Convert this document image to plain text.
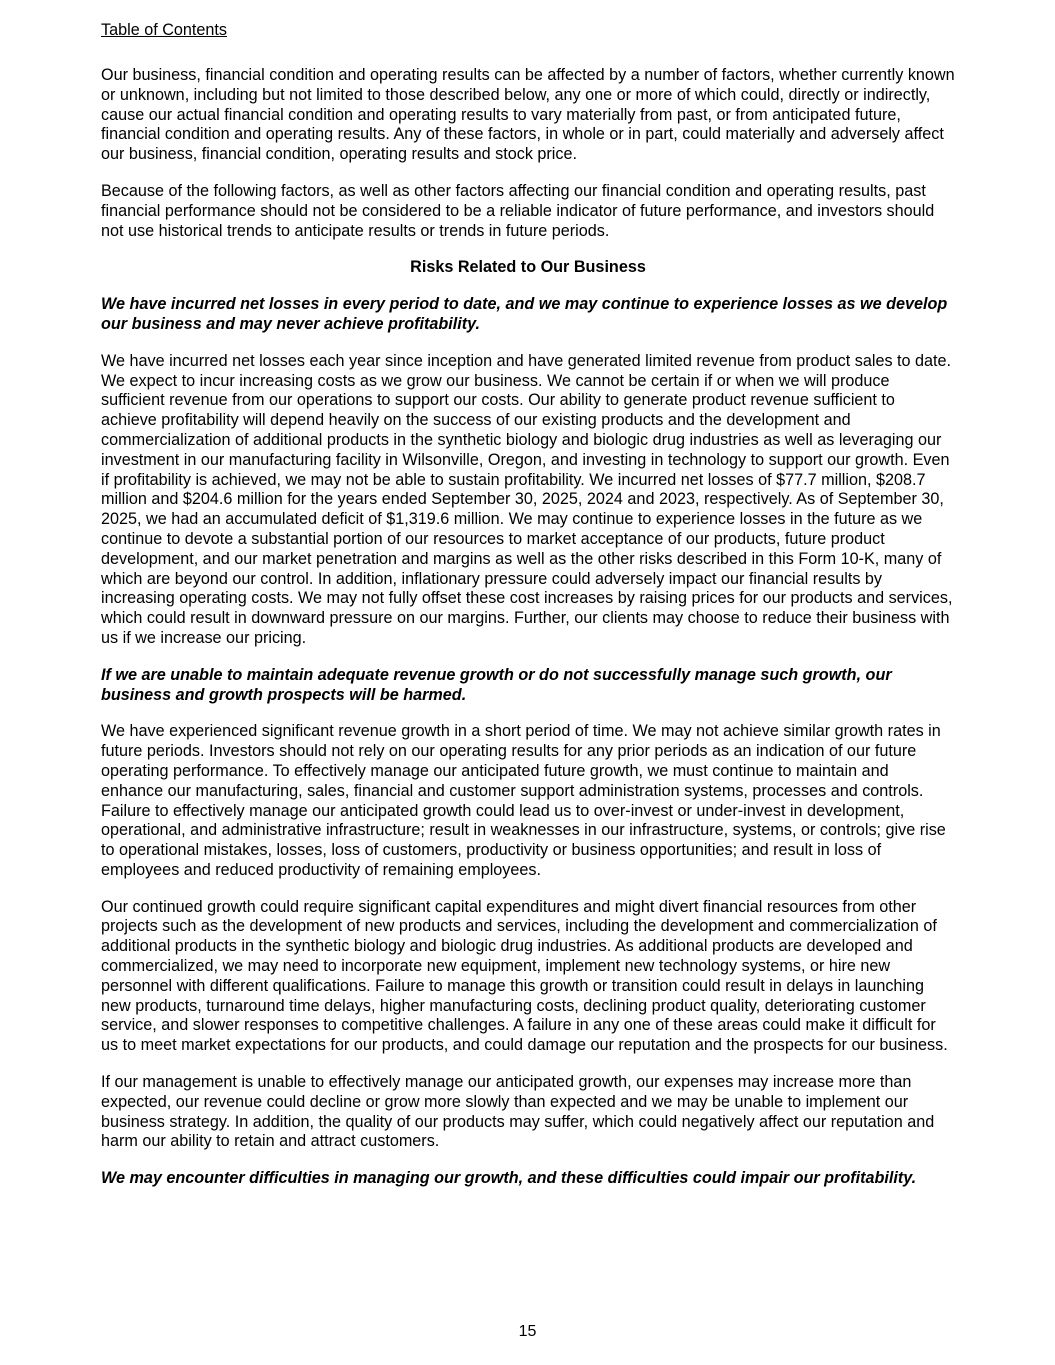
Table of Contents

Our business, financial condition and operating results can be affected by a number of factors, whether currently known or unknown, including but not limited to those described below, any one or more of which could, directly or indirectly, cause our actual financial condition and operating results to vary materially from past, or from anticipated future, financial condition and operating results. Any of these factors, in whole or in part, could materially and adversely affect our business, financial condition, operating results and stock price.

Because of the following factors, as well as other factors affecting our financial condition and operating results, past financial performance should not be considered to be a reliable indicator of future performance, and investors should not use historical trends to anticipate results or trends in future periods.

Risks Related to Our Business
We have incurred net losses in every period to date, and we may continue to experience losses as we develop our business and may never achieve profitability.

We have incurred net losses each year since inception and have generated limited revenue from product sales to date. We expect to incur increasing costs as we grow our business. We cannot be certain if or when we will produce sufficient revenue from our operations to support our costs. Our ability to generate product revenue sufficient to achieve profitability will depend heavily on the success of our existing products and the development and commercialization of additional products in the synthetic biology and biologic drug industries as well as leveraging our investment in our manufacturing facility in Wilsonville, Oregon, and investing in technology to support our growth. Even if profitability is achieved, we may not be able to sustain profitability. We incurred net losses of $77.7 million, $208.7 million and $204.6 million for the years ended September 30, 2025, 2024 and 2023, respectively. As of September 30, 2025, we had an accumulated deficit of $1,319.6 million. We may continue to experience losses in the future as we continue to devote a substantial portion of our resources to market acceptance of our products, future product development, and our market penetration and margins as well as the other risks described in this Form 10-K, many of which are beyond our control. In addition, inflationary pressure could adversely impact our financial results by increasing operating costs. We may not fully offset these cost increases by raising prices for our products and services, which could result in downward pressure on our margins. Further, our clients may choose to reduce their business with us if we increase our pricing.

If we are unable to maintain adequate revenue growth or do not successfully manage such growth, our business and growth prospects will be harmed.

We have experienced significant revenue growth in a short period of time. We may not achieve similar growth rates in future periods. Investors should not rely on our operating results for any prior periods as an indication of our future operating performance. To effectively manage our anticipated future growth, we must continue to maintain and enhance our manufacturing, sales, financial and customer support administration systems, processes and controls. Failure to effectively manage our anticipated growth could lead us to over-invest or under-invest in development, operational, and administrative infrastructure; result in weaknesses in our infrastructure, systems, or controls; give rise to operational mistakes, losses, loss of customers, productivity or business opportunities; and result in loss of employees and reduced productivity of remaining employees.

Our continued growth could require significant capital expenditures and might divert financial resources from other projects such as the development of new products and services, including the development and commercialization of additional products in the synthetic biology and biologic drug industries. As additional products are developed and commercialized, we may need to incorporate new equipment, implement new technology systems, or hire new personnel with different qualifications. Failure to manage this growth or transition could result in delays in launching new products, turnaround time delays, higher manufacturing costs, declining product quality, deteriorating customer service, and slower responses to competitive challenges. A failure in any one of these areas could make it difficult for us to meet market expectations for our products, and could damage our reputation and the prospects for our business.

If our management is unable to effectively manage our anticipated growth, our expenses may increase more than expected, our revenue could decline or grow more slowly than expected and we may be unable to implement our business strategy. In addition, the quality of our products may suffer, which could negatively affect our reputation and harm our ability to retain and attract customers.

We may encounter difficulties in managing our growth, and these difficulties could impair our profitability.
15
